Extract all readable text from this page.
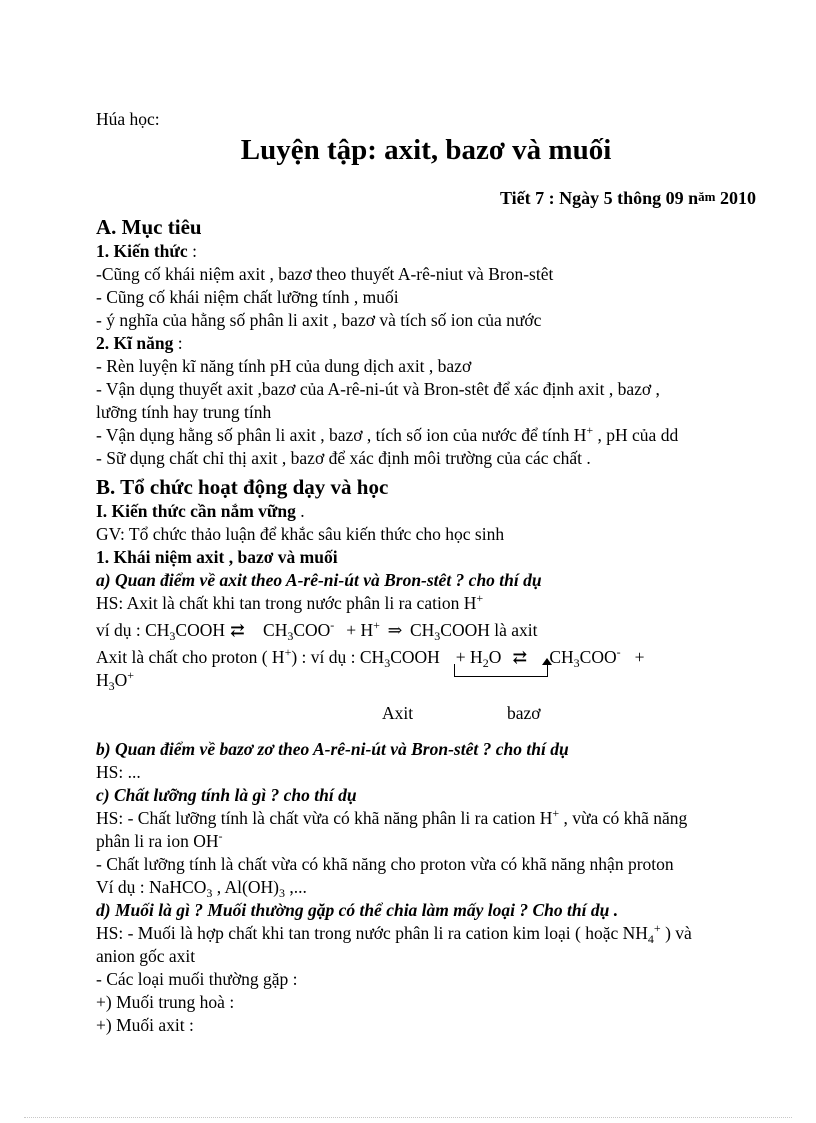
Húa học:

Luyện tập: axit, bazơ và muối

Tiết 7 : Ngày 5 thông 09 năm 2010

A. Mục tiêu

1. Kiến thức :

-Cũng cố khái niệm axit , bazơ theo thuyết A-rê-niut và Bron-stêt

- Cũng cố khái niệm chất lưỡng tính , muối

- ý nghĩa của hằng số phân li axit , bazơ và tích số ion của nước

2. Kĩ năng :

- Rèn luyện kĩ năng tính pH của dung dịch axit , bazơ

- Vận dụng thuyết axit ,bazơ của A-rê-ni-út và Bron-stêt để xác định axit , bazơ , lưỡng tính hay trung tính

- Vận dụng hằng số phân li axit , bazơ , tích số ion của nước để tính H+ , pH của dd

- Sữ dụng chất chỉ thị axit , bazơ để xác định môi trường của các chất .

B. Tổ chức hoạt động dạy và học

I. Kiến thức cần nắm vững .

GV: Tổ chức thảo luận để khắc sâu kiến thức cho học sinh

1. Khái niệm axit , bazơ và muối

a) Quan điểm về axit theo A-rê-ni-út và Bron-stêt ? cho thí dụ

HS: Axit là chất khi tan trong nước phân li ra cation H+

ví dụ : $CH_3COOH$ ⇄ $CH_3COO^- + H^+$ ⇒ $CH_3COOH$ là axit

Axit là chất cho proton ( H+) : ví dụ : $CH_3COOH + H_2O$ ⇄ $CH_3COO^-$ +

$H_3O^+$

Axit	bazơ

b) Quan điểm về bazơ zơ theo A-rê-ni-út và Bron-stêt ? cho thí dụ

HS: ...

c) Chất lưỡng tính là gì ? cho thí dụ

HS: - Chất lưỡng tính là chất vừa có khã năng phân li ra cation H+ , vừa có khã năng phân li ra ion OH-

- Chất lưỡng tính là chất vừa có khã năng cho proton vừa có khã năng nhận proton

Ví dụ : NaHCO$_3$ , $Al(OH)_3$ ,...

d) Muối là gì ? Muối thường gặp có thể chia làm mấy loại ? Cho thí dụ .

HS: - Muối là hợp chất khi tan trong nước phân li ra cation kim loại ( hoặc $NH_4^+$ ) và anion gốc axit

- Các loại muối thường gặp :

+) Muối trung hoà :

+) Muối axit :
